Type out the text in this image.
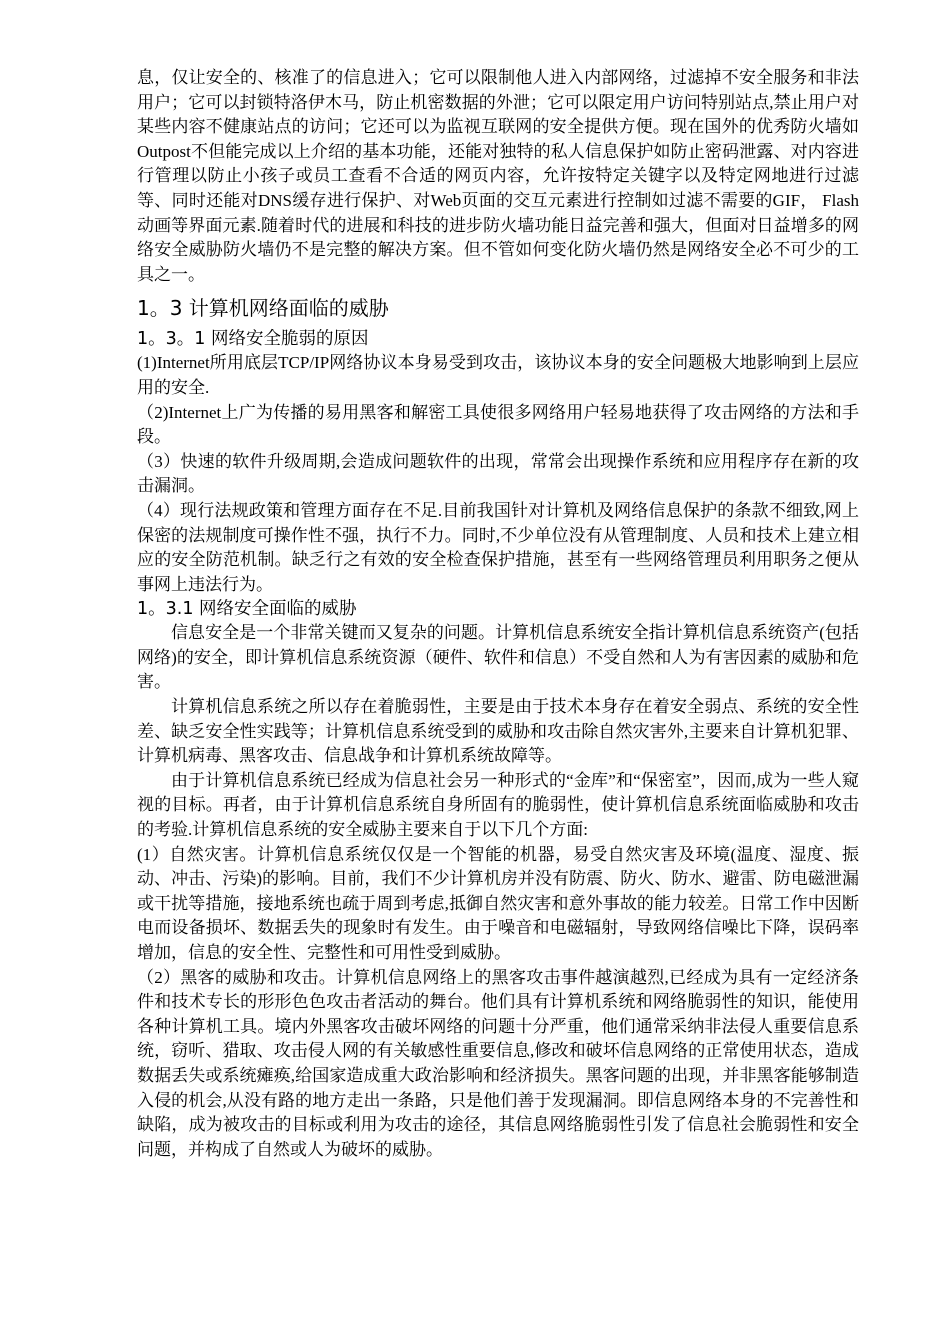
息，仅让安全的、核准了的信息进入；它可以限制他人进入内部网络，过滤掉不安全服务和非法用户；它可以封锁特洛伊木马，防止机密数据的外泄；它可以限定用户访问特别站点,禁止用户对某些内容不健康站点的访问；它还可以为监视互联网的安全提供方便。现在国外的优秀防火墙如Outpost不但能完成以上介绍的基本功能，还能对独特的私人信息保护如防止密码泄露、对内容进行管理以防止小孩子或员工查看不合适的网页内容，允许按特定关键字以及特定网地进行过滤等、同时还能对DNS缓存进行保护、对Web页面的交互元素进行控制如过滤不需要的GIF， Flash动画等界面元素.随着时代的进展和科技的进步防火墙功能日益完善和强大，但面对日益增多的网络安全威胁防火墙仍不是完整的解决方案。但不管如何变化防火墙仍然是网络安全必不可少的工具之一。

1。3 计算机网络面临的威胁
1。3。1 网络安全脆弱的原因

(1)Internet所用底层TCP/IP网络协议本身易受到攻击，该协议本身的安全问题极大地影响到上层应用的安全.

（2)Internet上广为传播的易用黑客和解密工具使很多网络用户轻易地获得了攻击网络的方法和手段。

（3）快速的软件升级周期,会造成问题软件的出现，常常会出现操作系统和应用程序存在新的攻击漏洞。

（4）现行法规政策和管理方面存在不足.目前我国针对计算机及网络信息保护的条款不细致,网上保密的法规制度可操作性不强，执行不力。同时,不少单位没有从管理制度、人员和技术上建立相应的安全防范机制。缺乏行之有效的安全检查保护措施，甚至有一些网络管理员利用职务之便从事网上违法行为。

1。3.1 网络安全面临的威胁

信息安全是一个非常关键而又复杂的问题。计算机信息系统安全指计算机信息系统资产(包括网络)的安全，即计算机信息系统资源（硬件、软件和信息）不受自然和人为有害因素的威胁和危害。

计算机信息系统之所以存在着脆弱性，主要是由于技术本身存在着安全弱点、系统的安全性差、缺乏安全性实践等；计算机信息系统受到的威胁和攻击除自然灾害外,主要来自计算机犯罪、计算机病毒、黑客攻击、信息战争和计算机系统故障等。

由于计算机信息系统已经成为信息社会另一种形式的“金库”和“保密室”，因而,成为一些人窥视的目标。再者，由于计算机信息系统自身所固有的脆弱性，使计算机信息系统面临威胁和攻击的考验.计算机信息系统的安全威胁主要来自于以下几个方面:

(1）自然灾害。计算机信息系统仅仅是一个智能的机器，易受自然灾害及环境(温度、湿度、振动、冲击、污染)的影响。目前，我们不少计算机房并没有防震、防火、防水、避雷、防电磁泄漏或干扰等措施，接地系统也疏于周到考虑,抵御自然灾害和意外事故的能力较差。日常工作中因断电而设备损坏、数据丢失的现象时有发生。由于噪音和电磁辐射，导致网络信噪比下降，误码率增加，信息的安全性、完整性和可用性受到威胁。

（2）黑客的威胁和攻击。计算机信息网络上的黑客攻击事件越演越烈,已经成为具有一定经济条件和技术专长的形形色色攻击者活动的舞台。他们具有计算机系统和网络脆弱性的知识，能使用各种计算机工具。境内外黑客攻击破坏网络的问题十分严重，他们通常采纳非法侵人重要信息系统，窃听、猎取、攻击侵人网的有关敏感性重要信息,修改和破坏信息网络的正常使用状态，造成数据丢失或系统瘫痪,给国家造成重大政治影响和经济损失。黑客问题的出现，并非黑客能够制造入侵的机会,从没有路的地方走出一条路，只是他们善于发现漏洞。即信息网络本身的不完善性和缺陷，成为被攻击的目标或利用为攻击的途径，其信息网络脆弱性引发了信息社会脆弱性和安全问题，并构成了自然或人为破坏的威胁。
